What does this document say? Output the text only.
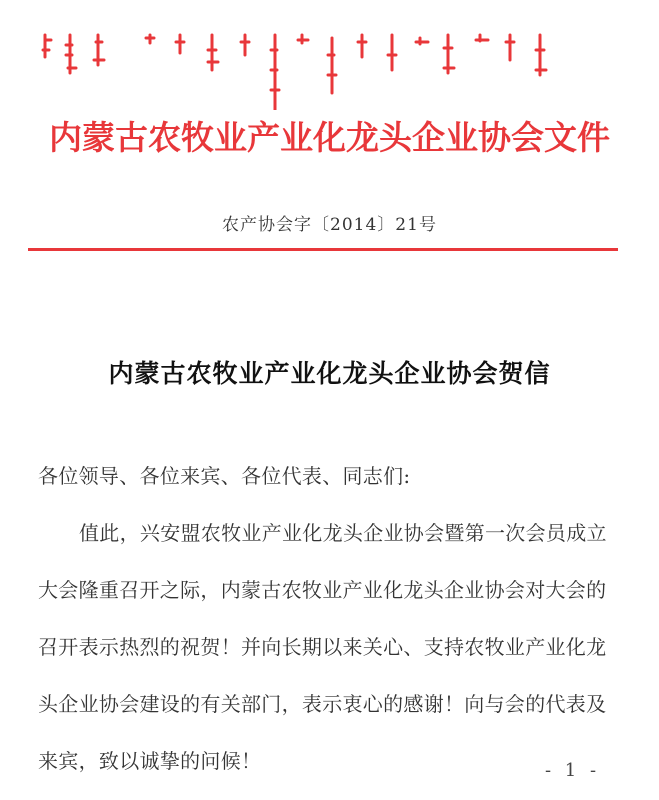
内蒙古农牧业产业化龙头企业协会文件
农产协会字〔2014〕21号
内蒙古农牧业产业化龙头企业协会贺信
各位领导、各位来宾、各位代表、同志们:
值此，兴安盟农牧业产业化龙头企业协会暨第一次会员成立
大会隆重召开之际，内蒙古农牧业产业化龙头企业协会对大会的
召开表示热烈的祝贺！并向长期以来关心、支持农牧业产业化龙
头企业协会建设的有关部门，表示衷心的感谢！向与会的代表及
来宾，致以诚挚的问候！	- 1 -
